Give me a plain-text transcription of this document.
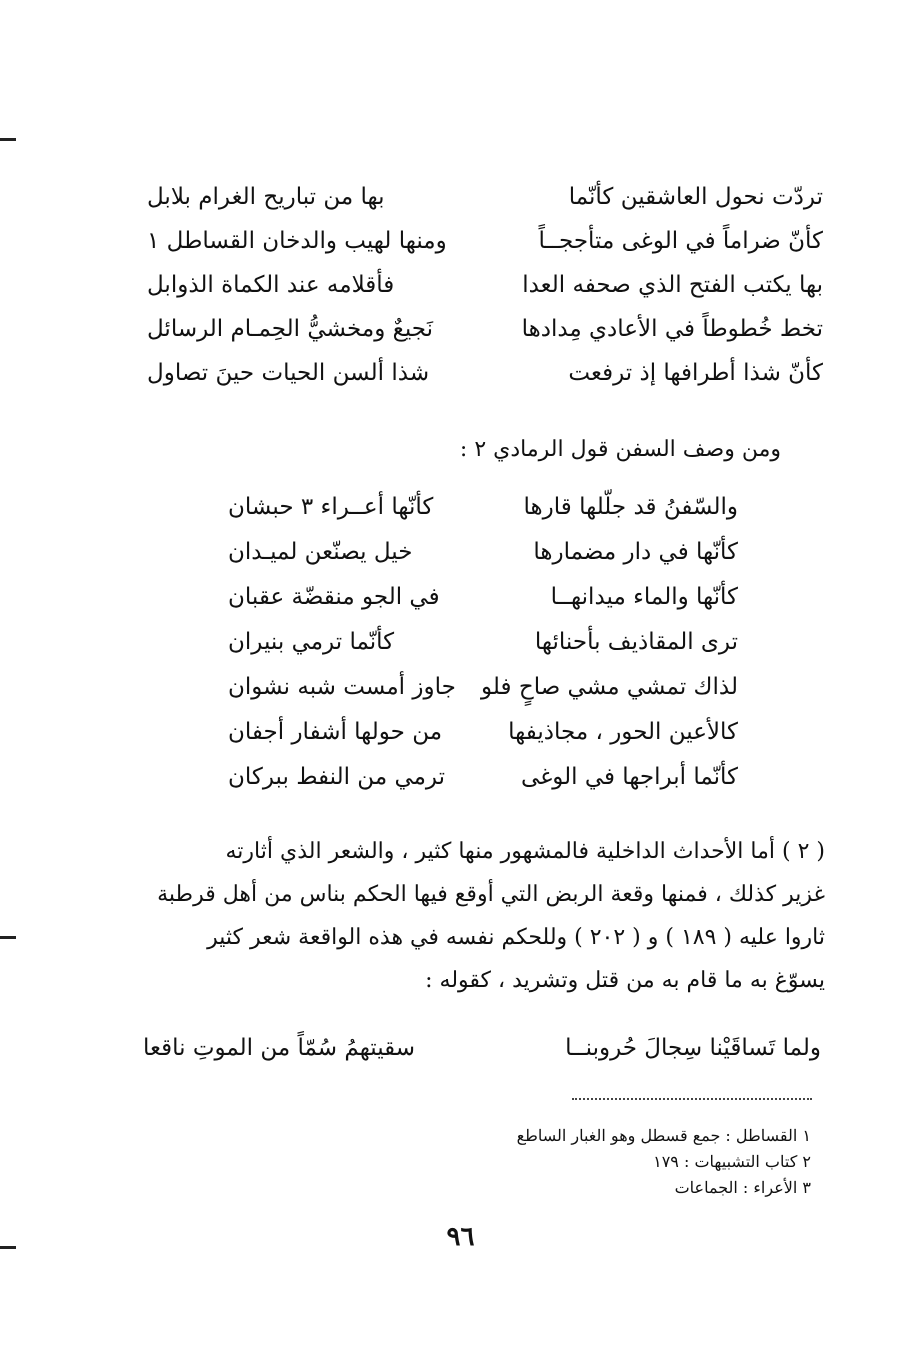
تردّت نحول العاشقين كأنّما
بها من تباريح الغرام بلابل
كأنّ ضراماً في الوغى متأججــاً
ومنها لهيب والدخان القساطل ١
بها يكتب الفتح الذي صحفه العدا
فأقلامه عند الكماة الذوابل
تخط خُطوطاً في الأعادي مِدادها
نَجيعٌ ومخشيُّ الحِمـام الرسائل
كأنّ شذا أطرافها إذ ترفعت
شذا ألسن الحيات حينَ تصاول
ومن وصف السفن قول الرمادي ٢ :
والسّفنُ قد جلّلها قارها
كأنّها أعــراء ٣ حبشان
كأنّها في دار مضمارها
خيل يصنّعن لميـدان
كأنّها والماء ميدانهــا
في الجو منقضّة عقبان
ترى المقاذيف بأحنائها
كأنّما ترمي بنيران
لذاك تمشي مشي صاحٍ فلو
جاوز أمست شبه نشوان
كالأعين الحور ، مجاذيفها
من حولها أشفار أجفان
كأنّما أبراجها في الوغى
ترمي من النفط ببركان
( ٢ ) أما الأحداث الداخلية فالمشهور منها كثير ، والشعر الذي أثارته
غزير كذلك ، فمنها وقعة الربض التي أوقع فيها الحكم بناس من أهل قرطبة
ثاروا عليه ( ١٨٩ ) و ( ٢٠٢ ) وللحكم نفسه في هذه الواقعة شعر كثير
يسوّغ به ما قام به من قتل وتشريد ، كقوله :
ولما تَساقَيْنا سِجالَ حُروبنــا
سقيتهمُ سُمّاً من الموتِ ناقعا
١ القساطل : جمع قسطل وهو الغبار الساطع
٢ كتاب التشبيهات : ١٧٩
٣ الأعراء : الجماعات
٩٦
